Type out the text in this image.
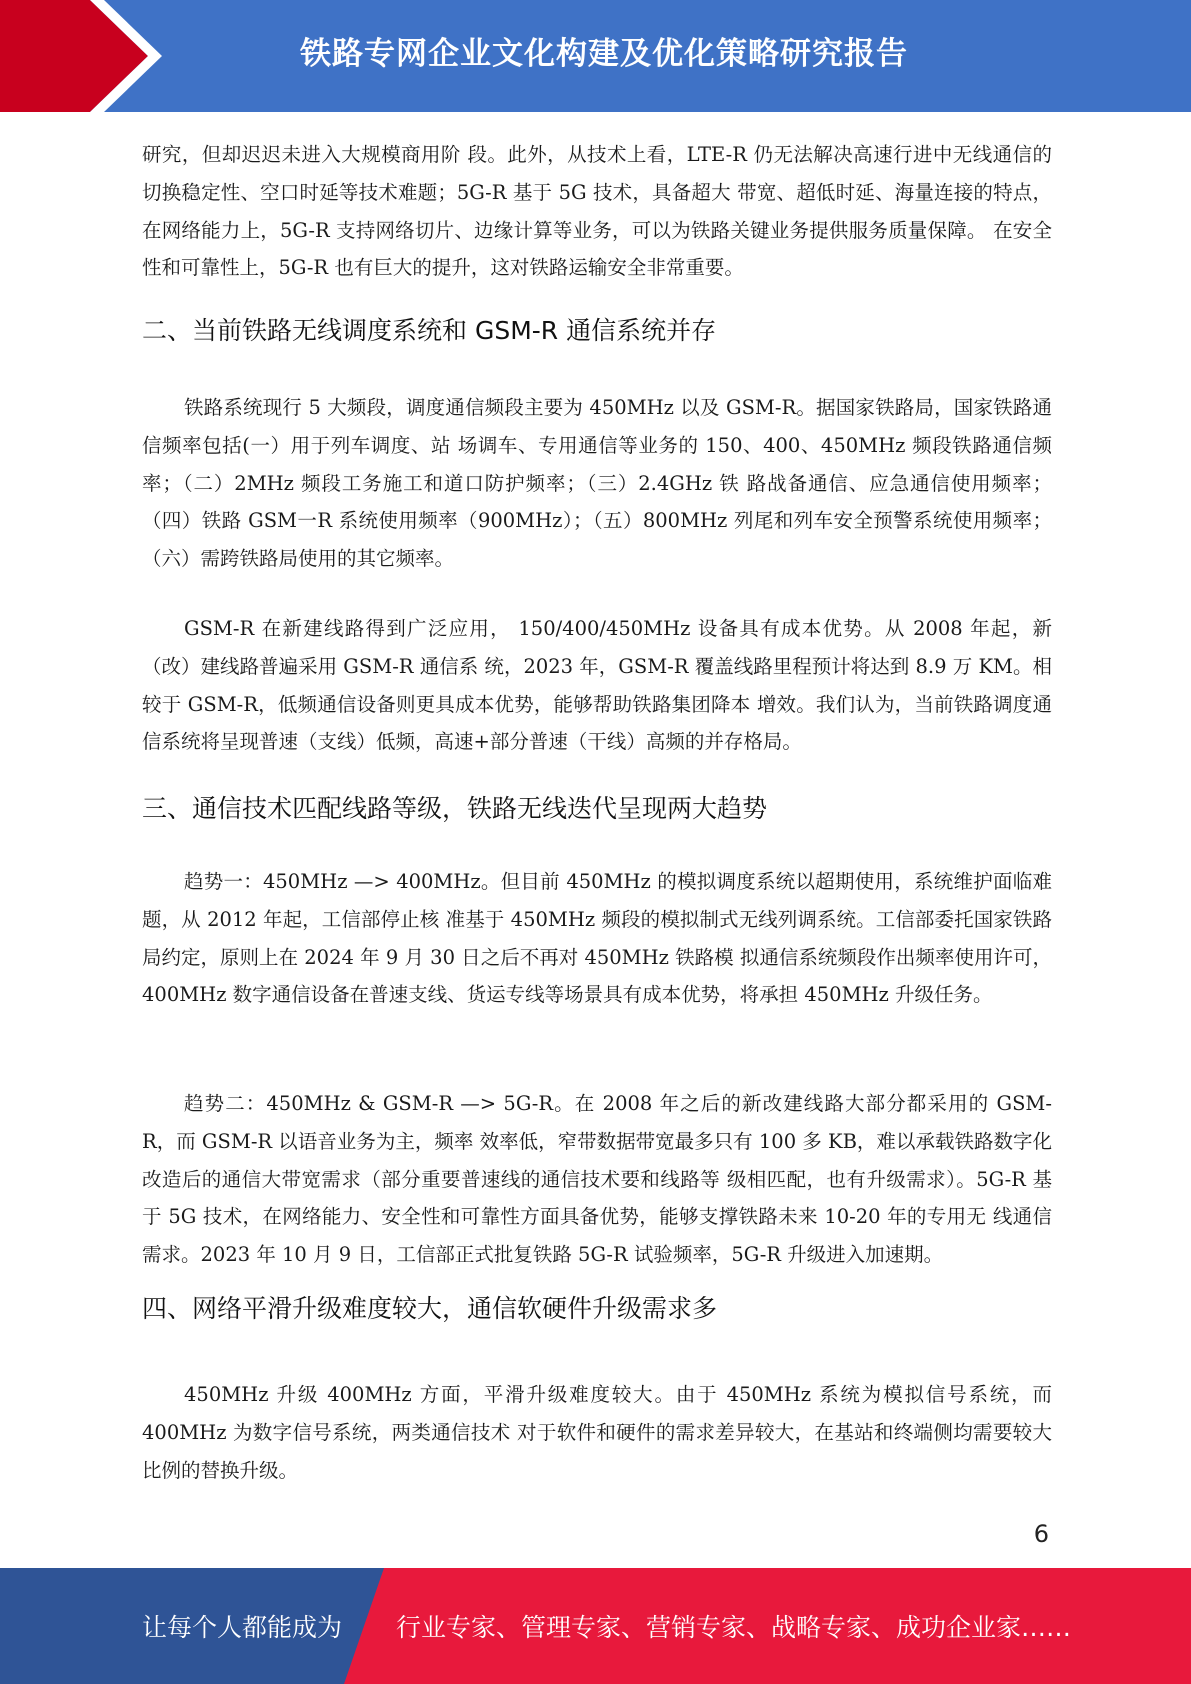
铁路专网企业文化构建及优化策略研究报告

研究，但却迟迟未进入大规模商用阶 段。此外，从技术上看，LTE-R 仍无法解决高速行进中无线通信的切换稳定性、空口时延等技术难题；5G-R 基于 5G 技术，具备超大 带宽、超低时延、海量连接的特点，在网络能力上，5G-R 支持网络切片、边缘计算等业务，可以为铁路关键业务提供服务质量保障。 在安全性和可靠性上，5G-R 也有巨大的提升，这对铁路运输安全非常重要。

二、当前铁路无线调度系统和 GSM-R 通信系统并存

铁路系统现行 5 大频段，调度通信频段主要为 450MHz 以及 GSM-R。据国家铁路局，国家铁路通信频率包括(一）用于列车调度、站 场调车、专用通信等业务的 150、400、450MHz 频段铁路通信频率；（二）2MHz 频段工务施工和道口防护频率；（三）2.4GHz 铁 路战备通信、应急通信使用频率；（四）铁路 GSM一R 系统使用频率（900MHz）；（五）800MHz 列尾和列车安全预警系统使用频率；（六）需跨铁路局使用的其它频率。

GSM-R 在新建线路得到广泛应用， 150/400/450MHz 设备具有成本优势。从 2008 年起，新（改）建线路普遍采用 GSM-R 通信系 统，2023 年，GSM-R 覆盖线路里程预计将达到 8.9 万 KM。相较于 GSM-R，低频通信设备则更具成本优势，能够帮助铁路集团降本 增效。我们认为，当前铁路调度通信系统将呈现普速（支线）低频，高速+部分普速（干线）高频的并存格局。

三、通信技术匹配线路等级，铁路无线迭代呈现两大趋势

趋势一：450MHz —> 400MHz。但目前 450MHz 的模拟调度系统以超期使用，系统维护面临难题，从 2012 年起，工信部停止核 准基于 450MHz 频段的模拟制式无线列调系统。工信部委托国家铁路局约定，原则上在 2024 年 9 月 30 日之后不再对 450MHz 铁路模 拟通信系统频段作出频率使用许可，400MHz 数字通信设备在普速支线、货运专线等场景具有成本优势，将承担 450MHz 升级任务。

趋势二：450MHz & GSM-R —> 5G-R。在 2008 年之后的新改建线路大部分都采用的 GSM-R，而 GSM-R 以语音业务为主，频率 效率低，窄带数据带宽最多只有 100 多 KB，难以承载铁路数字化改造后的通信大带宽需求（部分重要普速线的通信技术要和线路等 级相匹配，也有升级需求）。5G-R 基于 5G 技术，在网络能力、安全性和可靠性方面具备优势，能够支撑铁路未来 10-20 年的专用无 线通信需求。2023 年 10 月 9 日，工信部正式批复铁路 5G-R 试验频率，5G-R 升级进入加速期。

四、网络平滑升级难度较大，通信软硬件升级需求多

450MHz 升级 400MHz 方面，平滑升级难度较大。由于 450MHz 系统为模拟信号系统，而 400MHz 为数字信号系统，两类通信技术 对于软件和硬件的需求差异较大，在基站和终端侧均需要较大比例的替换升级。

6
让每个人都能成为 行业专家、管理专家、营销专家、战略专家、成功企业家……
